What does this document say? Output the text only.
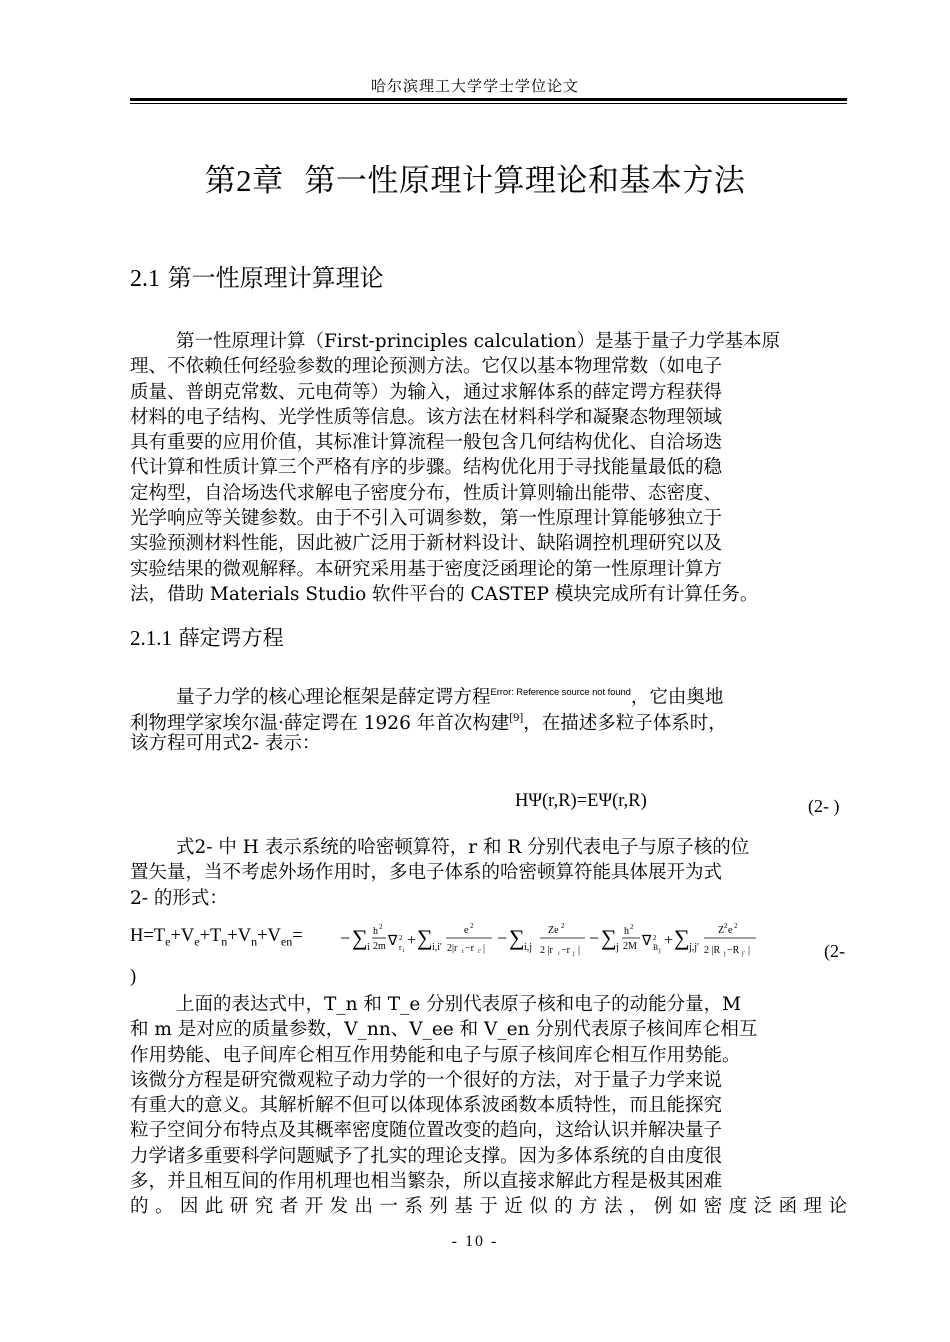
哈尔滨理工大学学士学位论文
第2章 第一性原理计算理论和基本方法
2.1 第一性原理计算理论
第一性原理计算（First-principles calculation）是基于量子力学基本原
理、不依赖任何经验参数的理论预测方法。它仅以基本物理常数（如电子
质量、普朗克常数、元电荷等）为输入，通过求解体系的薛定谔方程获得
材料的电子结构、光学性质等信息。该方法在材料科学和凝聚态物理领域
具有重要的应用价值，其标准计算流程一般包含几何结构优化、自洽场迭
代计算和性质计算三个严格有序的步骤。结构优化用于寻找能量最低的稳
定构型，自洽场迭代求解电子密度分布，性质计算则输出能带、态密度、
光学响应等关键参数。由于不引入可调参数，第一性原理计算能够独立于
实验预测材料性能，因此被广泛用于新材料设计、缺陷调控机理研究以及
实验结果的微观解释。本研究采用基于密度泛函理论的第一性原理计算方
法，借助 Materials Studio 软件平台的 CASTEP 模块完成所有计算任务。
2.1.1 薛定谔方程
量子力学的核心理论框架是薛定谔方程$^{Error: Reference source not found}$，它由奥地
利物理学家埃尔温·薛定谔在 1926 年首次构建[9]，在描述多粒子体系时，
该方程可用式2- 表示：
HΨ(r,R)=EΨ(r,R)	(2- )
式2- 中 H 表示系统的哈密顿算符，r 和 R 分别代表电子与原子核的位
置矢量，当不考虑外场作用时，多电子体系的哈密顿算符能具体展开为式
2- 的形式：
$H=T_e+V_e+T_n+V_n+V_{en}=$ − ∑ i
h 2
2m ∇ 2
r i
+ ∑ i,i'
e 2
2|r i −r i' |
− ∑ i,j
Ze 2
2 |r i −r j |
− ∑ j
h 2
2M ∇ 2
R j
+ ∑ j,j'
Z 2 e 2
2 |R j −R j' |	(2-
)
上面的表达式中，T_n 和 T_e 分别代表原子核和电子的动能分量，M
和 m 是对应的质量参数，V_nn、V_ee 和 V_en 分别代表原子核间库仑相互
作用势能、电子间库仑相互作用势能和电子与原子核间库仑相互作用势能。
该微分方程是研究微观粒子动力学的一个很好的方法，对于量子力学来说
有重大的意义。其解析解不但可以体现体系波函数本质特性，而且能探究
粒子空间分布特点及其概率密度随位置改变的趋向，这给认识并解决量子
力学诸多重要科学问题赋予了扎实的理论支撑。因为多体系统的自由度很
多，并且相互间的作用机理也相当繁杂，所以直接求解此方程是极其困难
的。因此研究者开发出一系列基于近似的方法，例如密度泛函理论
- 10 -
